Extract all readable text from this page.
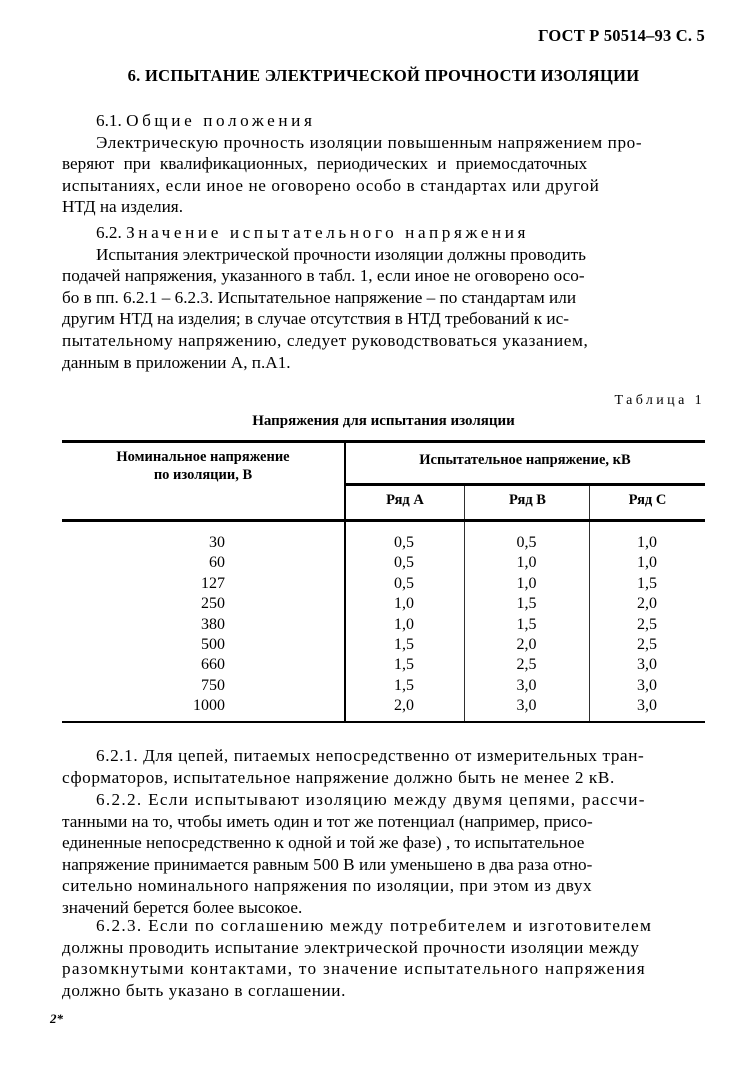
ГОСТ Р 50514–93 С. 5
6. ИСПЫТАНИЕ ЭЛЕКТРИЧЕСКОЙ ПРОЧНОСТИ ИЗОЛЯЦИИ
6.1. Общие положения
Электрическую прочность изоляции повышенным напряжением про-
веряют при квалификационных, периодических и приемосдаточных
испытаниях, если иное не оговорено особо в стандартах или другой
НТД на изделия.
6.2. Значение испытательного напряжения
Испытания электрической прочности изоляции должны проводить
подачей напряжения, указанного в табл. 1, если иное не оговорено осо-
бо в пп. 6.2.1 – 6.2.3. Испытательное напряжение – по стандартам или
другим НТД на изделия; в случае отсутствия в НТД требований к ис-
пытательному напряжению, следует руководствоваться указанием,
данным в приложении А, п.А1.
Таблица 1
Напряжения для испытания изоляции
Номинальное напряжение
по изоляции, В
Испытательное напряжение, кВ
Ряд А	Ряд В	Ряд С
30	0,5	0,5	1,0
60	0,5	1,0	1,0
127	0,5	1,0	1,5
250	1,0	1,5	2,0
380	1,0	1,5	2,5
500	1,5	2,0	2,5
660	1,5	2,5	3,0
750	1,5	3,0	3,0
1000	2,0	3,0	3,0
6.2.1. Для цепей, питаемых непосредственно от измерительных тран-
сформаторов, испытательное напряжение должно быть не менее 2 кВ.
6.2.2. Если испытывают изоляцию между двумя цепями, рассчи-
танными на то, чтобы иметь один и тот же потенциал (например, присо-
единенные непосредственно к одной и той же фазе) , то испытательное
напряжение принимается равным 500 В или уменьшено в два раза отно-
сительно номинального напряжения по изоляции, при этом из двух
значений берется более высокое.
6.2.3. Если по соглашению между потребителем и изготовителем
должны проводить испытание электрической прочности изоляции между
разомкнутыми контактами, то значение испытательного напряжения
должно быть указано в соглашении.
2*
